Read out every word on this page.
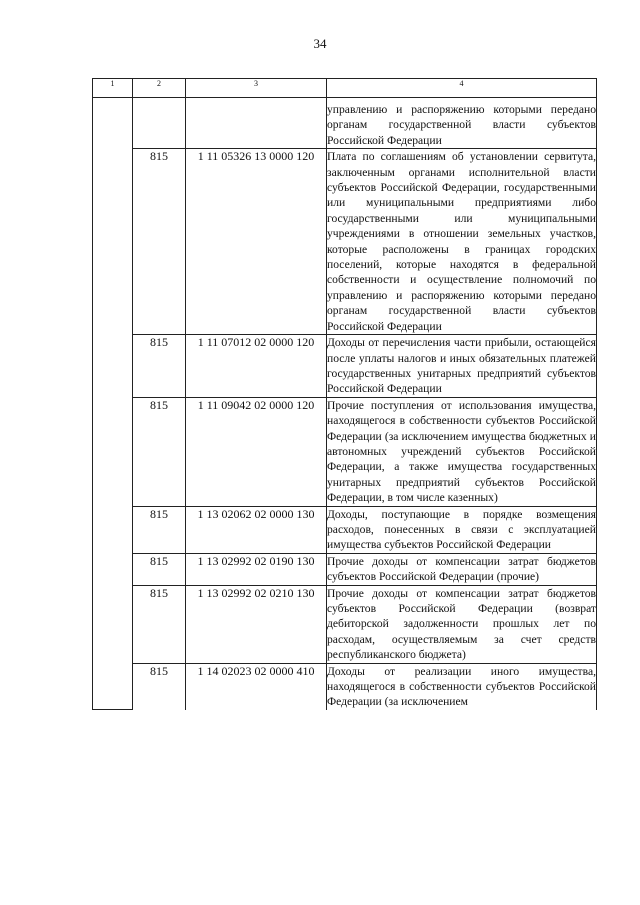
34
1	2	3	4
			управлению и распоряжению которыми передано органам государственной власти субъектов Российской Федерации
	815	1 11 05326 13 0000 120	Плата по соглашениям об установлении сервитута, заключенным органами исполнительной власти субъектов Российской Федерации, государственными или муниципальными предприятиями либо государственными или муниципальными учреждениями в отношении земельных участков, которые расположены в границах городских поселений, которые находятся в федеральной собственности и осуществление полномочий по управлению и распоряжению которыми передано органам государственной власти субъектов Российской Федерации
	815	1 11 07012 02 0000 120	Доходы от перечисления части прибыли, остающейся после уплаты налогов и иных обязательных платежей государственных унитарных предприятий субъектов Российской Федерации
	815	1 11 09042 02 0000 120	Прочие поступления от использования имущества, находящегося в собственности субъектов Российской Федерации (за исключением имущества бюджетных и автономных учреждений субъектов Российской Федерации, а также имущества государственных унитарных предприятий субъектов Российской Федерации, в том числе казенных)
	815	1 13 02062 02 0000 130	Доходы, поступающие в порядке возмещения расходов, понесенных в связи с эксплуатацией имущества субъектов Российской Федерации
	815	1 13 02992 02 0190 130	Прочие доходы от компенсации затрат бюджетов субъектов Российской Федерации (прочие)
	815	1 13 02992 02 0210 130	Прочие доходы от компенсации затрат бюджетов субъектов Российской Федерации (возврат дебиторской задолженности прошлых лет по расходам, осуществляемым за счет средств республиканского бюджета)
	815	1 14 02023 02 0000 410	Доходы от реализации иного имущества, находящегося в собственности субъектов Российской Федерации (за исключением
